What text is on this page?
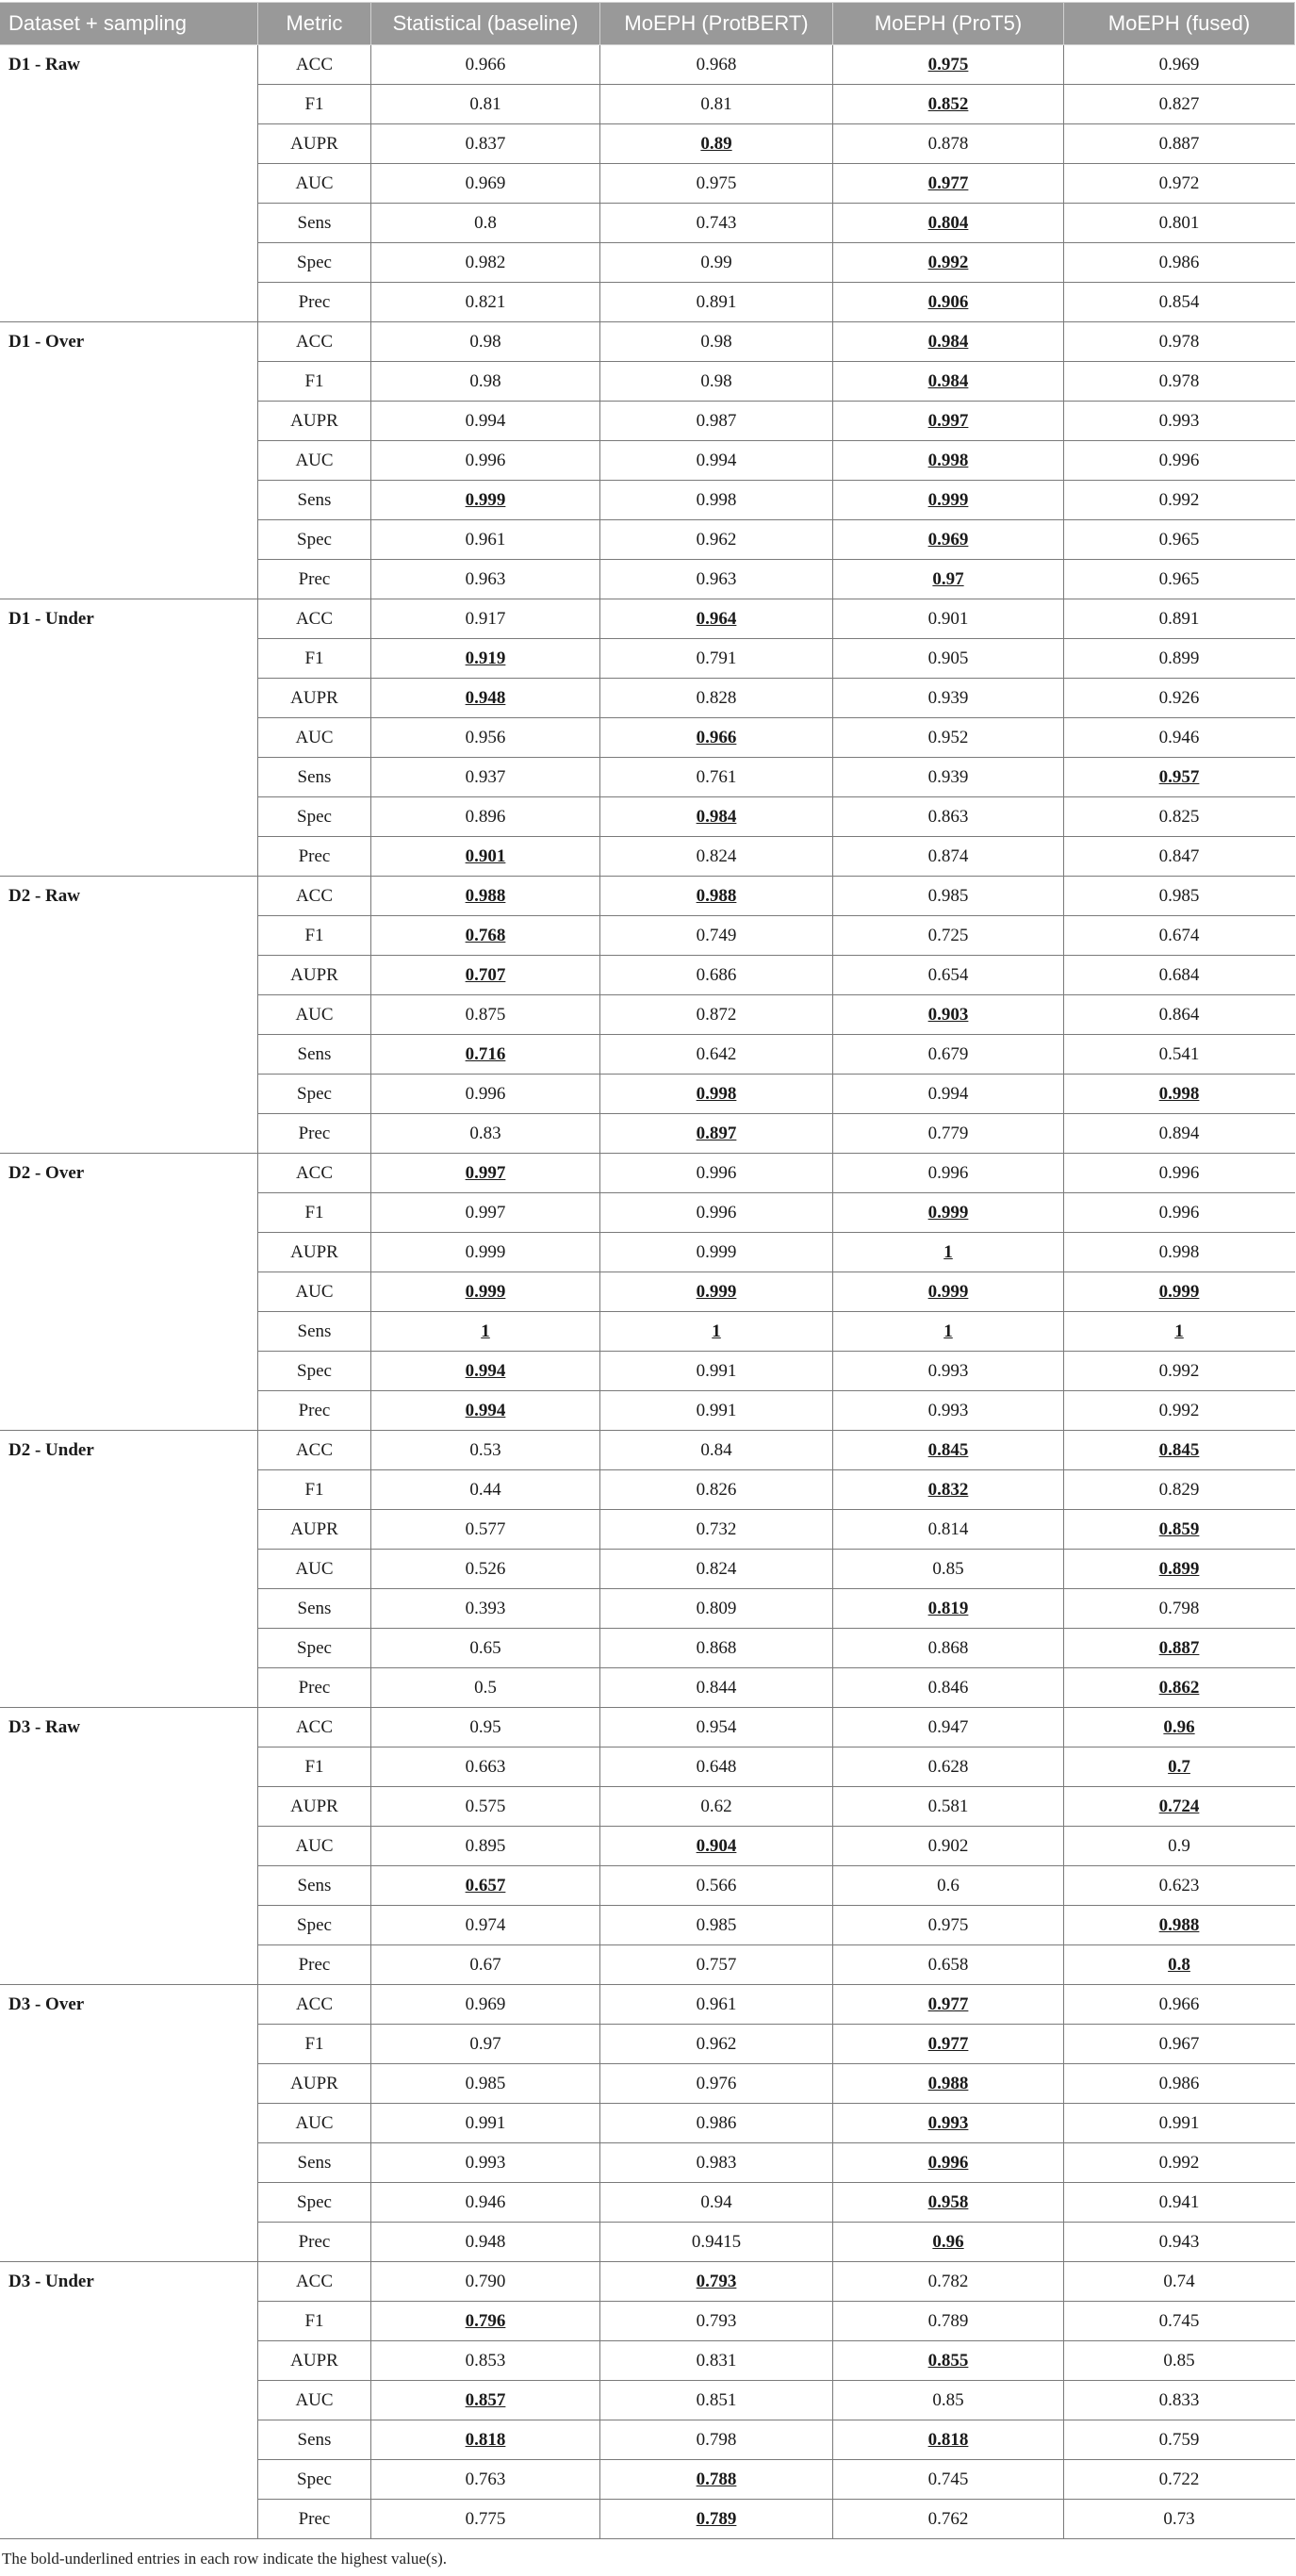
Dataset + sampling	Metric	Statistical (baseline)	MoEPH (ProtBERT)	MoEPH (ProT5)	MoEPH (fused)
D1 - Raw	ACC	0.966	0.968	0.975	0.969
	F1	0.81	0.81	0.852	0.827
	AUPR	0.837	0.89	0.878	0.887
	AUC	0.969	0.975	0.977	0.972
	Sens	0.8	0.743	0.804	0.801
	Spec	0.982	0.99	0.992	0.986
	Prec	0.821	0.891	0.906	0.854
D1 - Over	ACC	0.98	0.98	0.984	0.978
	F1	0.98	0.98	0.984	0.978
	AUPR	0.994	0.987	0.997	0.993
	AUC	0.996	0.994	0.998	0.996
	Sens	0.999	0.998	0.999	0.992
	Spec	0.961	0.962	0.969	0.965
	Prec	0.963	0.963	0.97	0.965
D1 - Under	ACC	0.917	0.964	0.901	0.891
	F1	0.919	0.791	0.905	0.899
	AUPR	0.948	0.828	0.939	0.926
	AUC	0.956	0.966	0.952	0.946
	Sens	0.937	0.761	0.939	0.957
	Spec	0.896	0.984	0.863	0.825
	Prec	0.901	0.824	0.874	0.847
D2 - Raw	ACC	0.988	0.988	0.985	0.985
	F1	0.768	0.749	0.725	0.674
	AUPR	0.707	0.686	0.654	0.684
	AUC	0.875	0.872	0.903	0.864
	Sens	0.716	0.642	0.679	0.541
	Spec	0.996	0.998	0.994	0.998
	Prec	0.83	0.897	0.779	0.894
D2 - Over	ACC	0.997	0.996	0.996	0.996
	F1	0.997	0.996	0.999	0.996
	AUPR	0.999	0.999	1	0.998
	AUC	0.999	0.999	0.999	0.999
	Sens	1	1	1	1
	Spec	0.994	0.991	0.993	0.992
	Prec	0.994	0.991	0.993	0.992
D2 - Under	ACC	0.53	0.84	0.845	0.845
	F1	0.44	0.826	0.832	0.829
	AUPR	0.577	0.732	0.814	0.859
	AUC	0.526	0.824	0.85	0.899
	Sens	0.393	0.809	0.819	0.798
	Spec	0.65	0.868	0.868	0.887
	Prec	0.5	0.844	0.846	0.862
D3 - Raw	ACC	0.95	0.954	0.947	0.96
	F1	0.663	0.648	0.628	0.7
	AUPR	0.575	0.62	0.581	0.724
	AUC	0.895	0.904	0.902	0.9
	Sens	0.657	0.566	0.6	0.623
	Spec	0.974	0.985	0.975	0.988
	Prec	0.67	0.757	0.658	0.8
D3 - Over	ACC	0.969	0.961	0.977	0.966
	F1	0.97	0.962	0.977	0.967
	AUPR	0.985	0.976	0.988	0.986
	AUC	0.991	0.986	0.993	0.991
	Sens	0.993	0.983	0.996	0.992
	Spec	0.946	0.94	0.958	0.941
	Prec	0.948	0.9415	0.96	0.943
D3 - Under	ACC	0.790	0.793	0.782	0.74
	F1	0.796	0.793	0.789	0.745
	AUPR	0.853	0.831	0.855	0.85
	AUC	0.857	0.851	0.85	0.833
	Sens	0.818	0.798	0.818	0.759
	Spec	0.763	0.788	0.745	0.722
	Prec	0.775	0.789	0.762	0.73

The bold-underlined entries in each row indicate the highest value(s).
